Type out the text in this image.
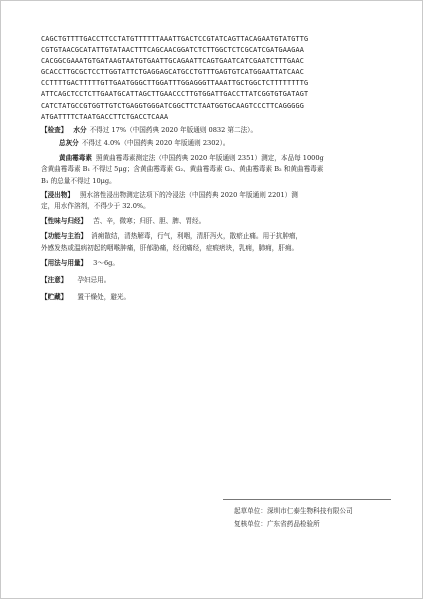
CAGCTGTTTTGACCTTCCTATGTTTTTTAAATTGACTCCGTATCAGTTACAGAATGTATGTTG
CGTGTAACGCATATTGTATAACTTTCAGCAACGGATCTCTTGGCTCTCGCATCGATGAAGAA
CACGGCGAAATGTGATAAGTAATGTGAATTGCAGAATTCAGTGAATCATCGAATCTTTGAAC
GCACCTTGCGCTCCTTGGTATTCTGAGGAGCATGCCTGTTTGAGTGTCATGGAATTATCAAC
CCTTTTGACTTTTTGTTGAATGGGCTTGGATTTGGAGGGTTAAATTGCTGGCTCTTTTTTTTG
ATTCAGCTCCTCTTGAATGCATTAGCTTGAACCCTTGTGGATTGACCTTATCGGTGTGATAGT
CATCTATGCCGTGGTTGTCTGAGGTGGGATCGGCTTCTAATGGTGCAAGTCCCTTCAGGGGG
ATGATTTTCTAATGACCTTCTGACCTCAAA

【检查】 水分 不得过 17%（中国药典 2020 年版通则 0832 第二法）。

总灰分 不得过 4.0%（中国药典 2020 年版通则 2302）。

黄曲霉毒素 照黄曲霉毒素测定法（中国药典 2020 年版通则 2351）测定，本品每 1000g

含黄曲霉毒素 B₁ 不得过 5μg；含黄曲霉毒素 G₂、黄曲霉毒素 G₁、黄曲霉毒素 B₂ 和黄曲霉毒素

B₁ 的总量不得过 10μg。

【浸出物】 照水溶性浸出物测定法项下的冷浸法（中国药典 2020 年版通则 2201）测

定，用水作溶剂，不得少于 32.0%。

【性味与归经】 苦、辛，微寒；归肝、胆、脾、胃经。

【功能与主治】 消痈散结，清热解毒，行气，利咽，清肝泻火，散瘀止痛。用于抗肿瘤，

外感发热或温病初起的咽喉肿痛，肝郁胁痛，经闭痛经，症瘕痞块，乳痈，肺痈，肝痈。

【用法与用量】 3～6g。

【注意】 孕妇忌用。

【贮藏】 置干燥处，避光。

起草单位：深圳市仁泰生物科技有限公司
复核单位：广东省药品检验所
